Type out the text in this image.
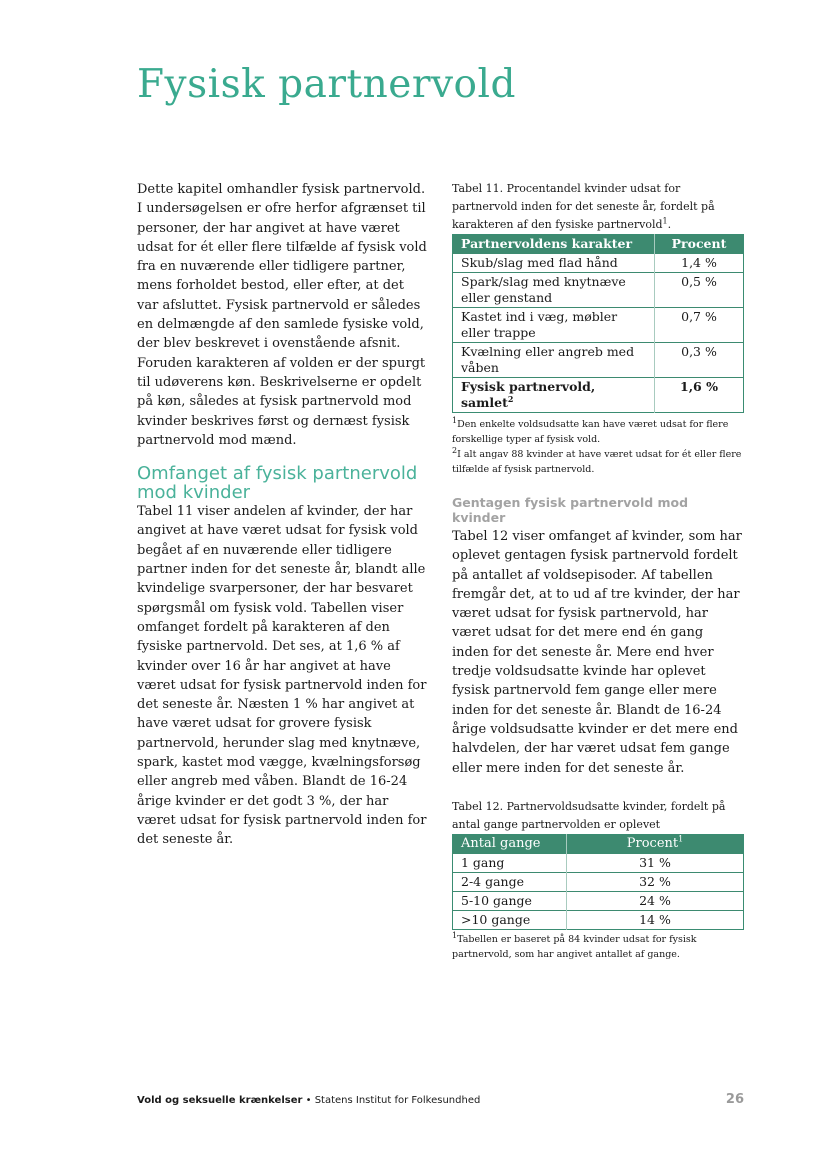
Fysisk partnervold

Dette kapitel omhandler fysisk partnervold. I undersøgelsen er ofre herfor afgrænset til personer, der har angivet at have været udsat for ét eller flere tilfælde af fysisk vold fra en nuværende eller tidligere partner, mens forholdet bestod, eller efter, at det var afsluttet. Fysisk partnervold er således en delmængde af den samlede fysiske vold, der blev beskrevet i ovenstående afsnit. Foruden karakteren af volden er der spurgt til udøverens køn. Beskrivelserne er opdelt på køn, således at fysisk partnervold mod kvinder beskrives først og dernæst fysisk partnervold mod mænd.

Omfanget af fysisk partnervold mod kvinder

Tabel 11 viser andelen af kvinder, der har angivet at have været udsat for fysisk vold begået af en nuværende eller tidligere partner inden for det seneste år, blandt alle kvindelige svarpersoner, der har besvaret spørgsmål om fysisk vold. Tabellen viser omfanget fordelt på karakteren af den fysiske partnervold. Det ses, at 1,6 % af kvinder over 16 år har angivet at have været udsat for fysisk partnervold inden for det seneste år. Næsten 1 % har angivet at have været udsat for grovere fysisk partnervold, herunder slag med knytnæve, spark, kastet mod vægge, kvælningsforsøg eller angreb med våben. Blandt de 16-24 årige kvinder er det godt 3 %, der har været udsat for fysisk partnervold inden for det seneste år.

Tabel 11. Procentandel kvinder udsat for partnervold inden for det seneste år, fordelt på karakteren af den fysiske partnervold$^1$.

Partnervoldens karakter	Procent
Skub/slag med flad hånd	1,4 %
Spark/slag med knytnæve eller genstand	0,5 %
Kastet ind i væg, møbler eller trappe	0,7 %
Kvælning eller angreb med våben	0,3 %
Fysisk partnervold, samlet$^2$	1,6 %

$^1$Den enkelte voldsudsatte kan have været udsat for flere forskellige typer af fysisk vold.

$^2$I alt angav 88 kvinder at have været udsat for ét eller flere tilfælde af fysisk partnervold.

Gentagen fysisk partnervold mod kvinder

Tabel 12 viser omfanget af kvinder, som har oplevet gentagen fysisk partnervold fordelt på antallet af voldsepisoder. Af tabellen fremgår det, at to ud af tre kvinder, der har været udsat for fysisk partnervold, har været udsat for det mere end én gang inden for det seneste år. Mere end hver tredje voldsudsatte kvinde har oplevet fysisk partnervold fem gange eller mere inden for det seneste år. Blandt de 16-24 årige voldsudsatte kvinder er det mere end halvdelen, der har været udsat fem gange eller mere inden for det seneste år.

Tabel 12. Partnervoldsudsatte kvinder, fordelt på antal gange partnervolden er oplevet

Antal gange	Procent$^1$
1 gang	31 %
2-4 gange	32 %
5-10 gange	24 %
>10 gange	14 %

$^1$Tabellen er baseret på 84 kvinder udsat for fysisk partnervold, som har angivet antallet af gange.

Vold og seksuelle krænkelser • Statens Institut for Folkesundhed	26
